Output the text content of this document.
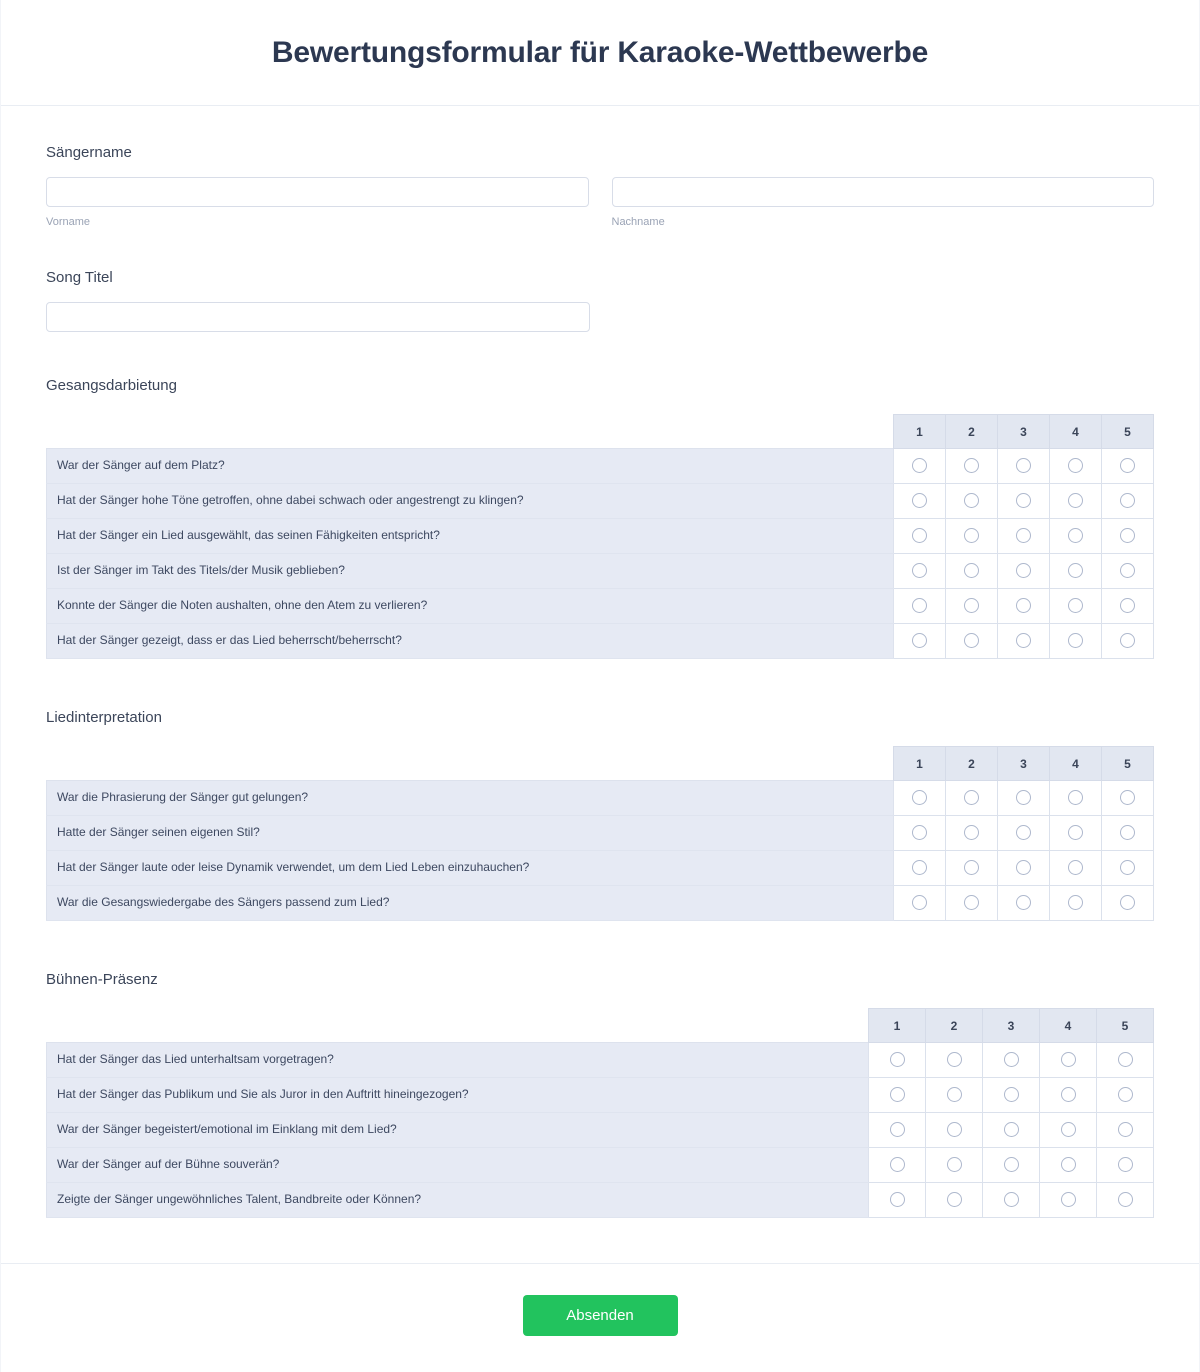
Bewertungsformular für Karaoke-Wettbewerbe
Sängername
Vorname	Nachname
Song Titel
Gesangsdarbietung
	1	2	3	4	5
War der Sänger auf dem Platz?					
Hat der Sänger hohe Töne getroffen, ohne dabei schwach oder angestrengt zu klingen?					
Hat der Sänger ein Lied ausgewählt, das seinen Fähigkeiten entspricht?					
Ist der Sänger im Takt des Titels/der Musik geblieben?					
Konnte der Sänger die Noten aushalten, ohne den Atem zu verlieren?					
Hat der Sänger gezeigt, dass er das Lied beherrscht/beherrscht?					
Liedinterpretation
	1	2	3	4	5
War die Phrasierung der Sänger gut gelungen?					
Hatte der Sänger seinen eigenen Stil?					
Hat der Sänger laute oder leise Dynamik verwendet, um dem Lied Leben einzuhauchen?					
War die Gesangswiedergabe des Sängers passend zum Lied?					
Bühnen-Präsenz
	1	2	3	4	5
Hat der Sänger das Lied unterhaltsam vorgetragen?					
Hat der Sänger das Publikum und Sie als Juror in den Auftritt hineingezogen?					
War der Sänger begeistert/emotional im Einklang mit dem Lied?					
War der Sänger auf der Bühne souverän?					
Zeigte der Sänger ungewöhnliches Talent, Bandbreite oder Können?					
Absenden
